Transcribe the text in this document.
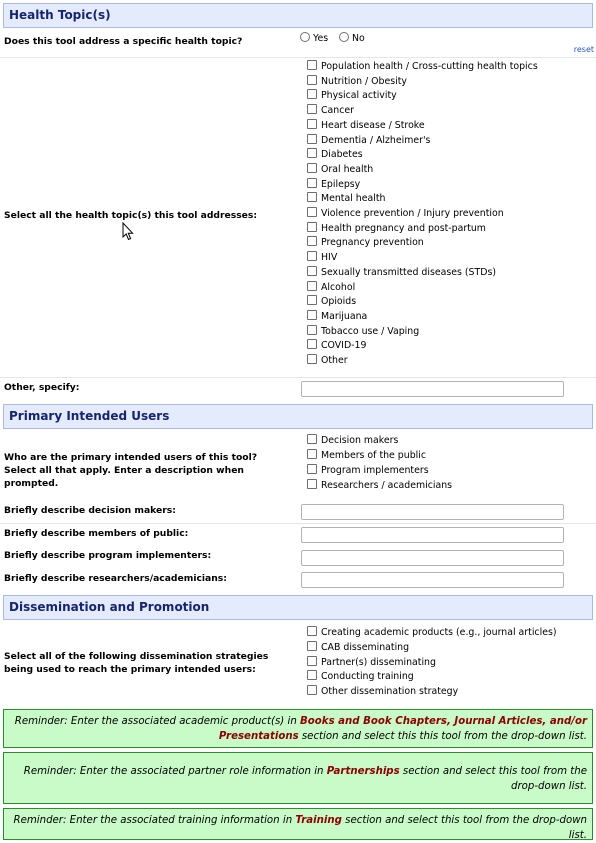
Health Topic(s)
Does this tool address a specific health topic?	Yes	No
reset
Select all the health topic(s) this tool addresses:
Population health / Cross-cutting health topics
Nutrition / Obesity
Physical activity
Cancer
Heart disease / Stroke
Dementia / Alzheimer's
Diabetes
Oral health
Epilepsy
Mental health
Violence prevention / Injury prevention
Health pregnancy and post-partum
Pregnancy prevention
HIV
Sexually transmitted diseases (STDs)
Alcohol
Opioids
Marijuana
Tobacco use / Vaping
COVID-19
Other
Other, specify:
Primary Intended Users
Who are the primary intended users of this tool? Select all that apply. Enter a description when prompted.
Decision makers
Members of the public
Program implementers
Researchers / academicians
Briefly describe decision makers:
Briefly describe members of public:
Briefly describe program implementers:
Briefly describe researchers/academicians:
Dissemination and Promotion
Select all of the following dissemination strategies being used to reach the primary intended users:
Creating academic products (e.g., journal articles)
CAB disseminating
Partner(s) disseminating
Conducting training
Other dissemination strategy
Reminder: Enter the associated academic product(s) in Books and Book Chapters, Journal Articles, and/or Presentations section and select this this tool from the drop-down list.
Reminder: Enter the associated partner role information in Partnerships section and select this tool from the drop-down list.
Reminder: Enter the associated training information in Training section and select this tool from the drop-down list.
